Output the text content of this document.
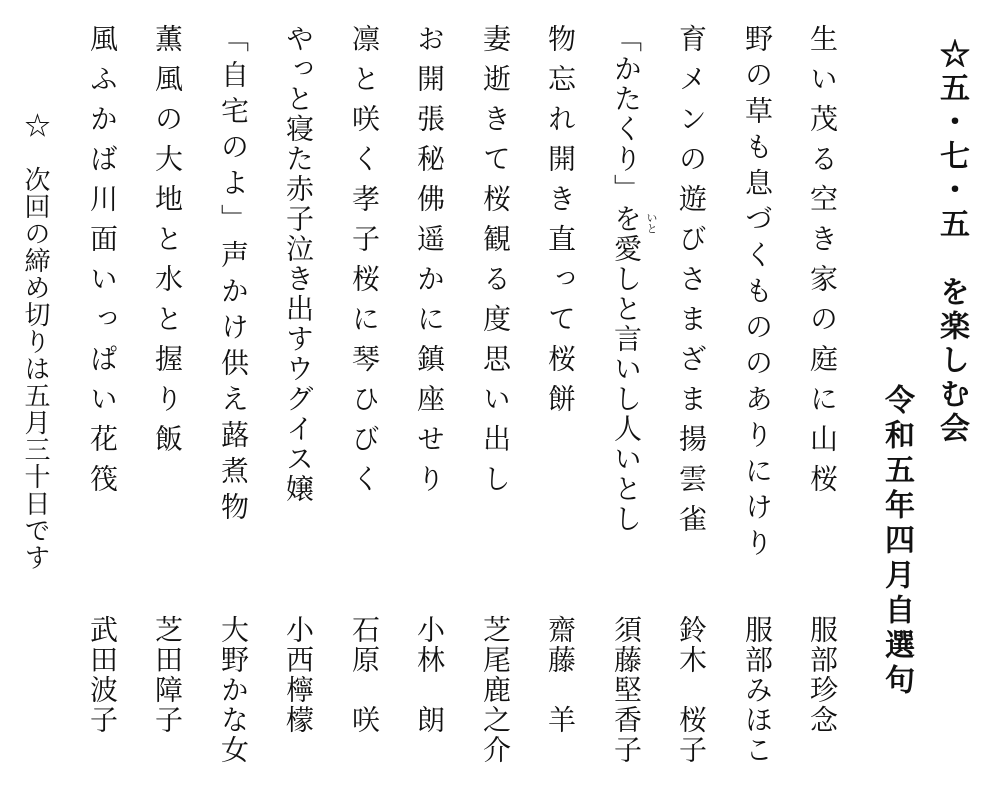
☆五・七・五　を楽しむ会
令和五年四月自選句
生い茂る空き家の庭に山桜
服部珍念
野の草も息づくもののありにけり
服部みほこ
育メンの遊びさまざま揚雲雀
鈴木　桜子
「かたくり」を愛しと言いし人いとし
須藤堅香子
いと
物忘れ開き直って桜餅
齋藤　羊
妻逝きて桜観る度思い出し
芝尾鹿之介
お開張秘佛遥かに鎮座せり
小林　朗
凛と咲く孝子桜に琴ひびく
石原　咲
やっと寝た赤子泣き出すウグイス嬢
小西檸檬
「自宅のよ」声かけ供え蕗煮物
大野かな女
薫風の大地と水と握り飯
芝田障子
風ふかば川面いっぱい花筏
武田波子
☆　次回の締め切りは五月三十日です
